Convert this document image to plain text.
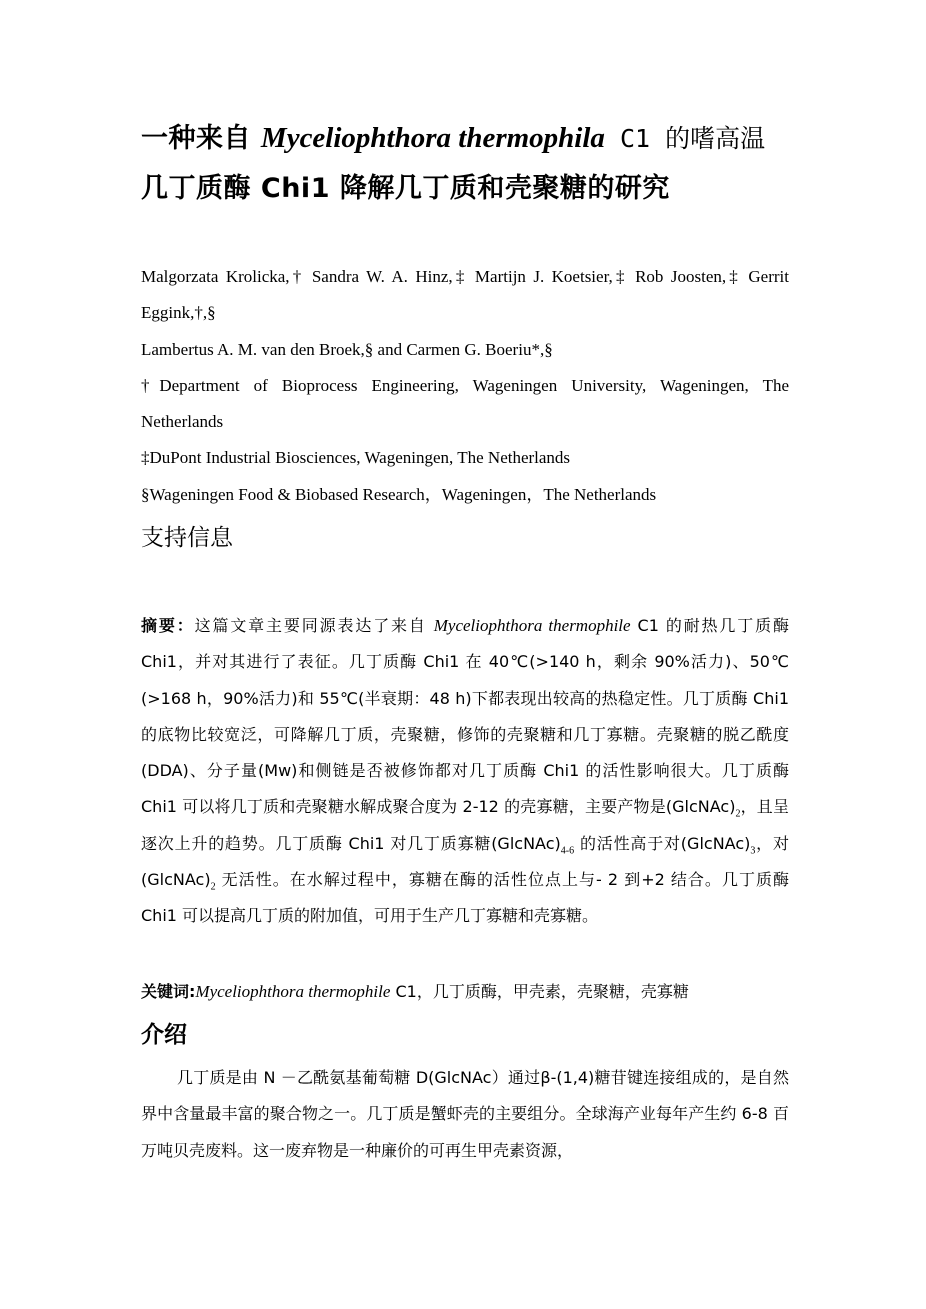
一种来自 Myceliophthora thermophila C1 的嗜高温
几丁质酶 Chi1 降解几丁质和壳聚糖的研究

Malgorzata Krolicka,† Sandra W. A. Hinz,‡ Martijn J. Koetsier,‡ Rob Joosten,‡ Gerrit Eggink,†,§

Lambertus A. M. van den Broek,§ and Carmen G. Boeriu*,§

†Department of Bioprocess Engineering, Wageningen University, Wageningen, The Netherlands

‡DuPont Industrial Biosciences, Wageningen, The Netherlands

§Wageningen Food & Biobased Research，Wageningen，The Netherlands

支持信息

摘要：这篇文章主要同源表达了来自 Myceliophthora thermophile C1 的耐热几丁质酶 Chi1，并对其进行了表征。几丁质酶 Chi1 在 40℃(>140 h，剩余 90%活力)、50℃(>168 h，90%活力)和 55℃(半衰期：48 h)下都表现出较高的热稳定性。几丁质酶 Chi1 的底物比较宽泛，可降解几丁质，壳聚糖，修饰的壳聚糖和几丁寡糖。壳聚糖的脱乙酰度(DDA)、分子量(Mw)和侧链是否被修饰都对几丁质酶 Chi1 的活性影响很大。几丁质酶 Chi1 可以将几丁质和壳聚糖水解成聚合度为 2-12 的壳寡糖，主要产物是$(GlcNAc)_2$，且呈逐次上升的趋势。几丁质酶 Chi1 对几丁质寡糖$(GlcNAc)_{4-6}$ 的活性高于对$(GlcNAc)_3$，对$(GlcNAc)_2$ 无活性。在水解过程中，寡糖在酶的活性位点上与- 2 到+2 结合。几丁质酶 Chi1 可以提高几丁质的附加值，可用于生产几丁寡糖和壳寡糖。

关键词:Myceliophthora thermophile C1，几丁质酶，甲壳素，壳聚糖，壳寡糖

介绍

几丁质是由 N －乙酰氨基葡萄糖 D(GlcNAc）通过β-(1,4)糖苷键连接组成的，是自然界中含量最丰富的聚合物之一。几丁质是蟹虾壳的主要组分。全球海产业每年产生约 6-8 百万吨贝壳废料。这一废弃物是一种廉价的可再生甲壳素资源，
